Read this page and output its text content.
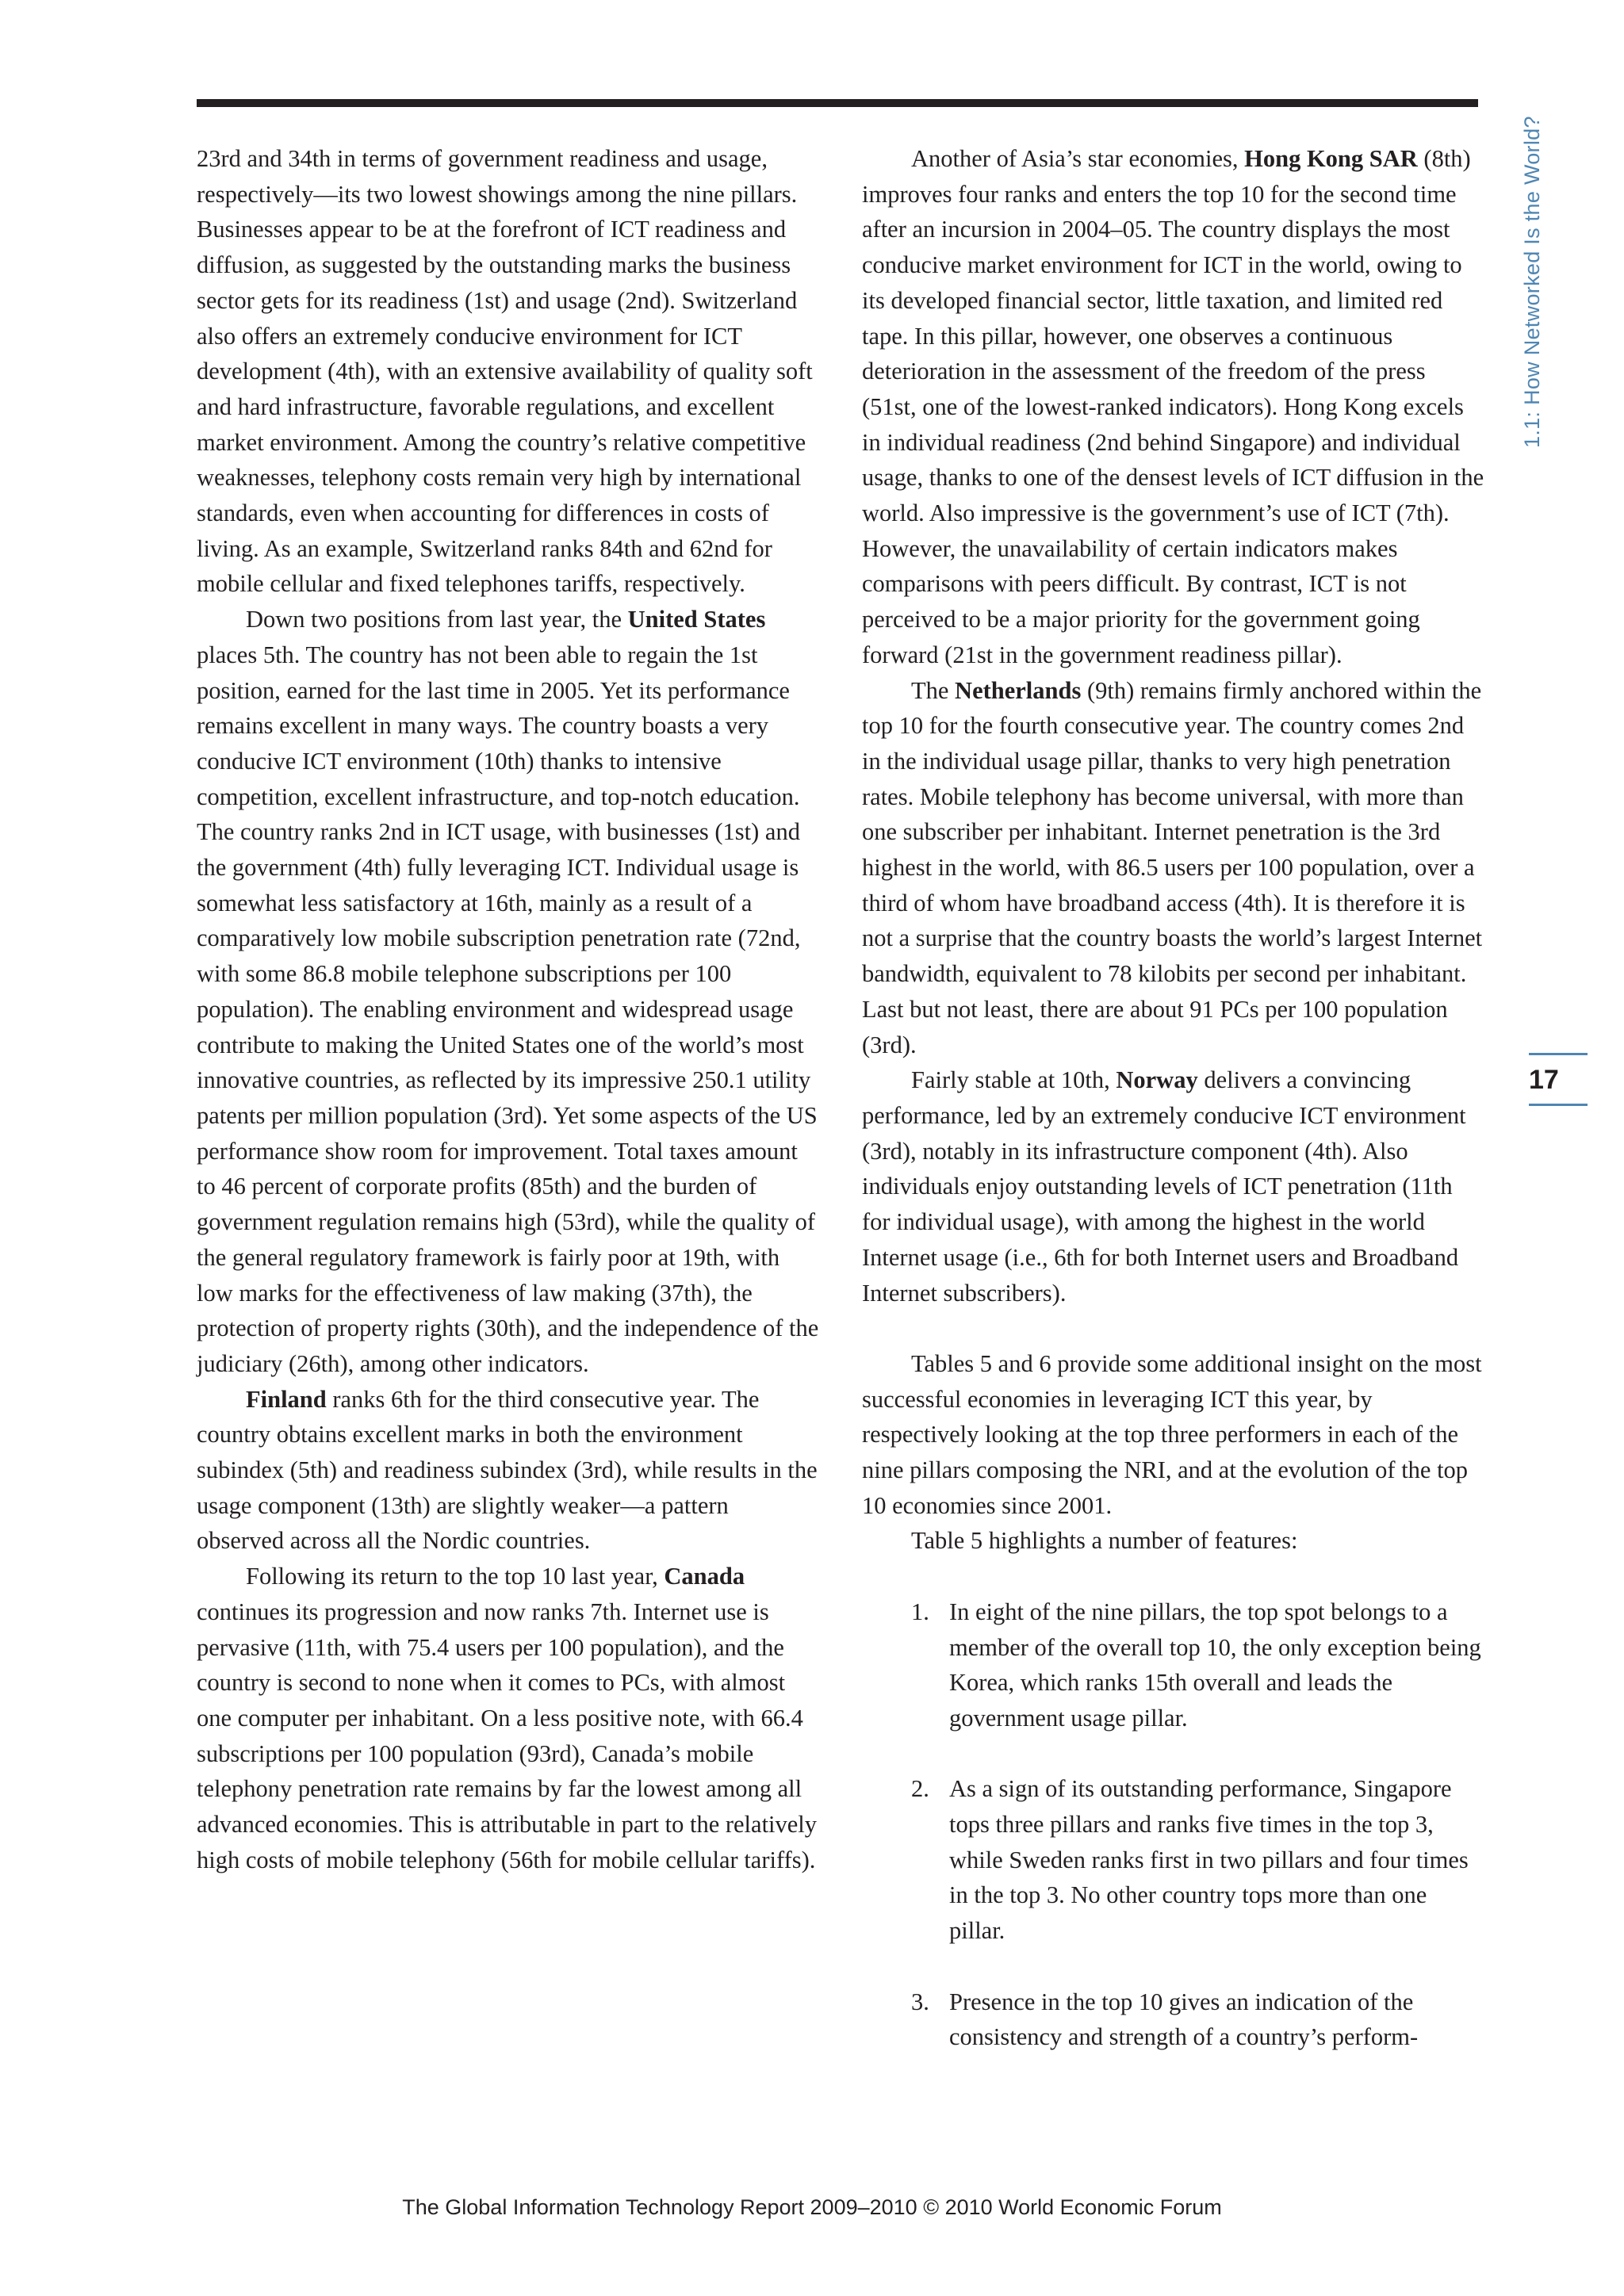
23rd and 34th in terms of government readiness and usage, respectively—its two lowest showings among the nine pillars. Businesses appear to be at the forefront of ICT readiness and diffusion, as suggested by the outstanding marks the business sector gets for its readiness (1st) and usage (2nd). Switzerland also offers an extremely conducive environment for ICT development (4th), with an extensive availability of quality soft and hard infrastructure, favorable regulations, and excellent market environment. Among the country’s relative competitive weaknesses, telephony costs remain very high by international standards, even when accounting for differences in costs of living. As an example, Switzerland ranks 84th and 62nd for mobile cellular and fixed telephones tariffs, respectively.

Down two positions from last year, the United States places 5th. The country has not been able to regain the 1st position, earned for the last time in 2005. Yet its performance remains excellent in many ways. The country boasts a very conducive ICT environment (10th) thanks to intensive competition, excellent infrastructure, and top-notch education. The country ranks 2nd in ICT usage, with businesses (1st) and the government (4th) fully leveraging ICT. Individual usage is somewhat less satisfactory at 16th, mainly as a result of a comparatively low mobile subscription penetration rate (72nd, with some 86.8 mobile telephone subscriptions per 100 population). The enabling environment and widespread usage contribute to making the United States one of the world’s most innovative countries, as reflected by its impressive 250.1 utility patents per million population (3rd). Yet some aspects of the US performance show room for improvement. Total taxes amount to 46 percent of corporate profits (85th) and the burden of government regulation remains high (53rd), while the quality of the general regulatory framework is fairly poor at 19th, with low marks for the effectiveness of law making (37th), the protection of property rights (30th), and the independence of the judiciary (26th), among other indicators.

Finland ranks 6th for the third consecutive year. The country obtains excellent marks in both the environment subindex (5th) and readiness subindex (3rd), while results in the usage component (13th) are slightly weaker—a pattern observed across all the Nordic countries.

Following its return to the top 10 last year, Canada continues its progression and now ranks 7th. Internet use is pervasive (11th, with 75.4 users per 100 population), and the country is second to none when it comes to PCs, with almost one computer per inhabitant. On a less positive note, with 66.4 subscriptions per 100 population (93rd), Canada’s mobile telephony penetration rate remains by far the lowest among all advanced economies. This is attributable in part to the relatively high costs of mobile telephony (56th for mobile cellular tariffs).

Another of Asia’s star economies, Hong Kong SAR (8th) improves four ranks and enters the top 10 for the second time after an incursion in 2004–05. The country displays the most conducive market environment for ICT in the world, owing to its developed financial sector, little taxation, and limited red tape. In this pillar, however, one observes a continuous deterioration in the assessment of the freedom of the press (51st, one of the lowest-ranked indicators). Hong Kong excels in individual readiness (2nd behind Singapore) and individual usage, thanks to one of the densest levels of ICT diffusion in the world. Also impressive is the government’s use of ICT (7th). However, the unavailability of certain indicators makes comparisons with peers difficult. By contrast, ICT is not perceived to be a major priority for the government going forward (21st in the government readiness pillar).

The Netherlands (9th) remains firmly anchored within the top 10 for the fourth consecutive year. The country comes 2nd in the individual usage pillar, thanks to very high penetration rates. Mobile telephony has become universal, with more than one subscriber per inhabitant. Internet penetration is the 3rd highest in the world, with 86.5 users per 100 population, over a third of whom have broadband access (4th). It is therefore it is not a surprise that the country boasts the world’s largest Internet bandwidth, equivalent to 78 kilobits per second per inhabitant. Last but not least, there are about 91 PCs per 100 population (3rd).

Fairly stable at 10th, Norway delivers a convincing performance, led by an extremely conducive ICT environment (3rd), notably in its infrastructure component (4th). Also individuals enjoy outstanding levels of ICT penetration (11th for individual usage), with among the highest in the world Internet usage (i.e., 6th for both Internet users and Broadband Internet subscribers).

Tables 5 and 6 provide some additional insight on the most successful economies in leveraging ICT this year, by respectively looking at the top three performers in each of the nine pillars composing the NRI, and at the evolution of the top 10 economies since 2001.

Table 5 highlights a number of features:

1. In eight of the nine pillars, the top spot belongs to a member of the overall top 10, the only exception being Korea, which ranks 15th overall and leads the government usage pillar.
2. As a sign of its outstanding performance, Singapore tops three pillars and ranks five times in the top 3, while Sweden ranks first in two pillars and four times in the top 3. No other country tops more than one pillar.
3. Presence in the top 10 gives an indication of the consistency and strength of a country’s perform-
1.1: How Networked Is the World?
17
The Global Information Technology Report 2009–2010 © 2010 World Economic Forum
